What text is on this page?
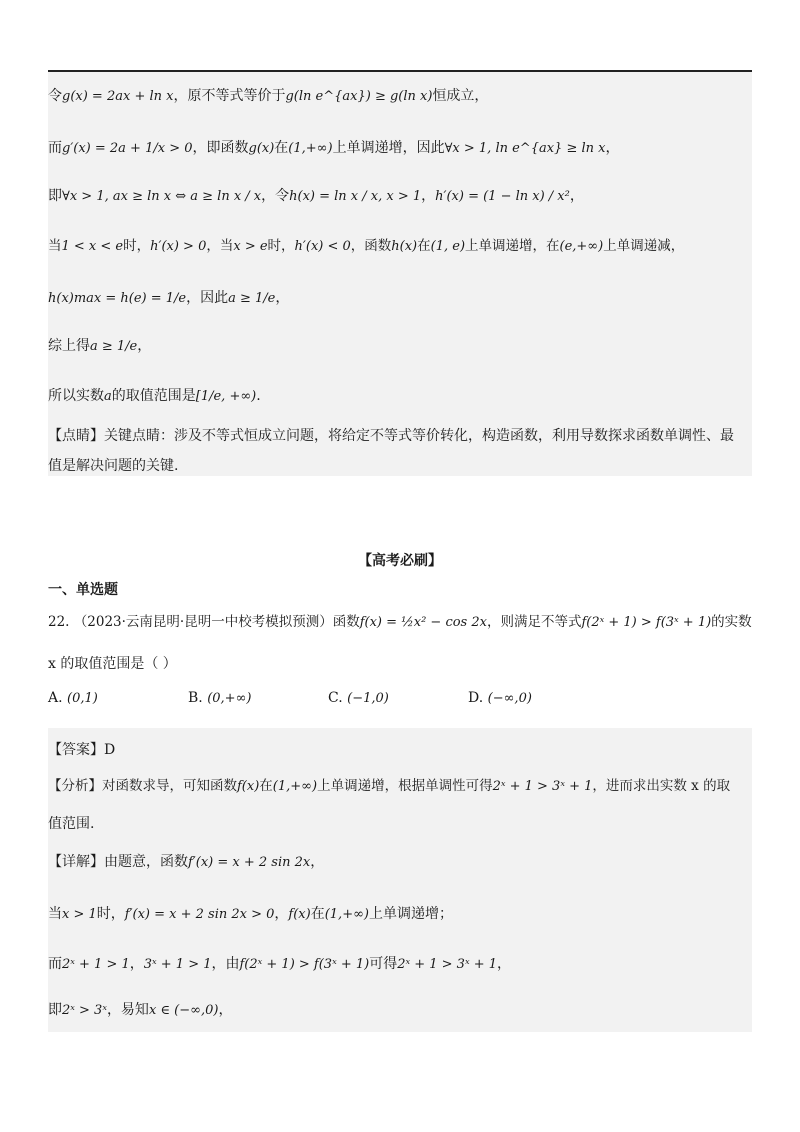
令g(x) = 2ax + ln x，原不等式等价于g(ln e^{ax}) ≥ g(ln x)恒成立，
而g′(x) = 2a + 1/x > 0，即函数g(x)在(1,+∞)上单调递增，因此∀x > 1, ln e^{ax} ≥ ln x，
即∀x > 1, ax ≥ ln x ⇔ a ≥ ln x / x，令h(x) = ln x / x, x > 1，h′(x) = (1 − ln x) / x²，
当1 < x < e时，h′(x) > 0，当x > e时，h′(x) < 0，函数h(x)在(1, e)上单调递增，在(e,+∞)上单调递减，
h(x)max = h(e) = 1/e，因此a ≥ 1/e，
综上得a ≥ 1/e，
所以实数a的取值范围是[1/e, +∞).
【点睛】关键点睛：涉及不等式恒成立问题，将给定不等式等价转化，构造函数，利用导数探求函数单调性、最
值是解决问题的关键.
【高考必刷】
一、单选题
22. （2023·云南昆明·昆明一中校考模拟预测）函数f(x) = ½x² − cos 2x，则满足不等式f(2ˣ + 1) > f(3ˣ + 1)的实数
x 的取值范围是（ ）
A. (0,1)	B. (0,+∞)	C. (−1,0)	D. (−∞,0)
【答案】D
【分析】对函数求导，可知函数f(x)在(1,+∞)上单调递增，根据单调性可得2ˣ + 1 > 3ˣ + 1，进而求出实数 x 的取
值范围.
【详解】由题意，函数f′(x) = x + 2 sin 2x，
当x > 1时，f′(x) = x + 2 sin 2x > 0，f(x)在(1,+∞)上单调递增；
而2ˣ + 1 > 1，3ˣ + 1 > 1，由f(2ˣ + 1) > f(3ˣ + 1)可得2ˣ + 1 > 3ˣ + 1，
即2ˣ > 3ˣ，易知x ∈ (−∞,0)，
